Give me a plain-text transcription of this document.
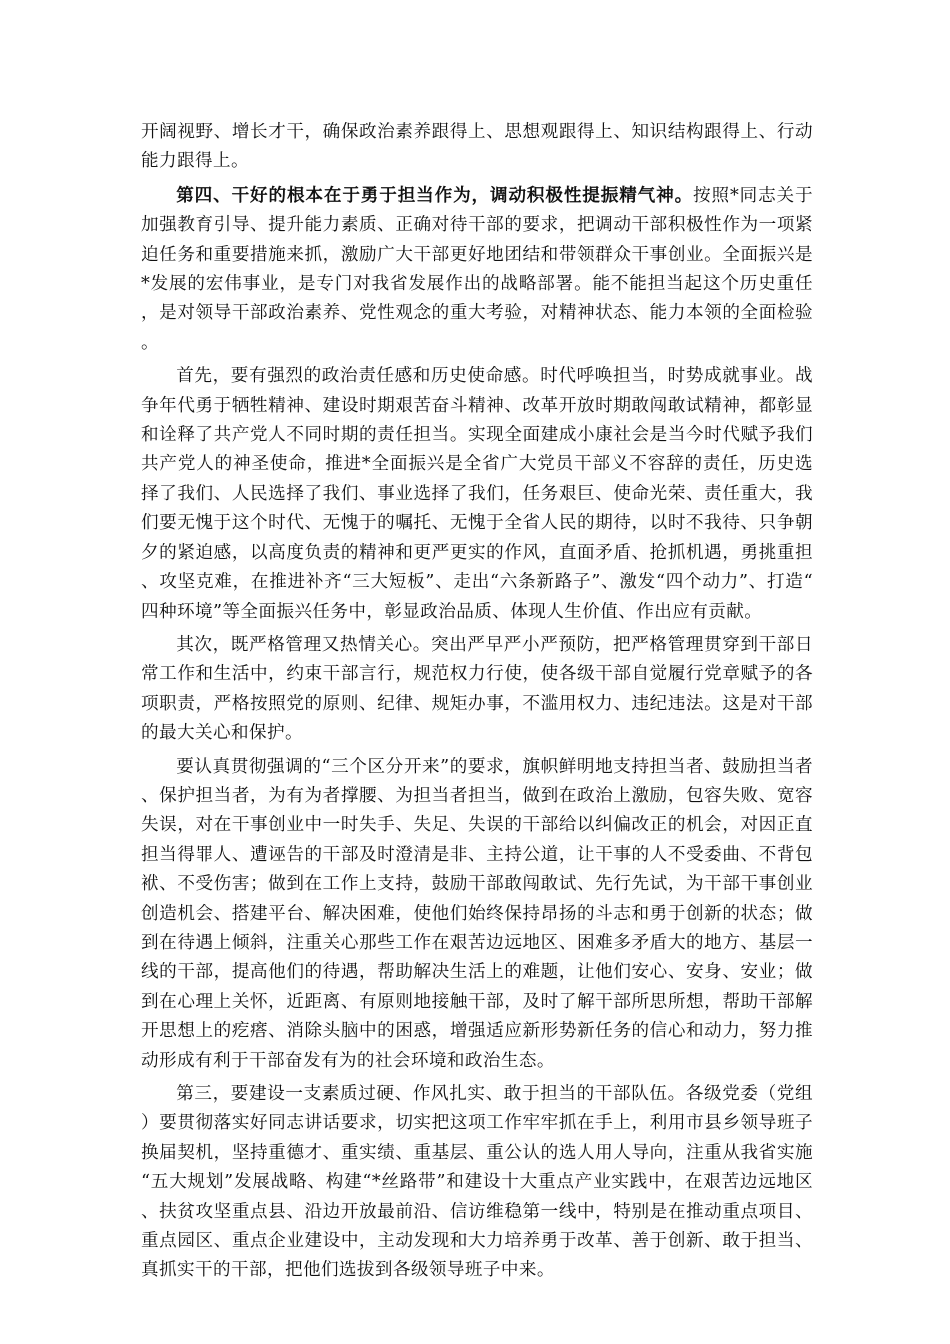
开阔视野、增长才干，确保政治素养跟得上、思想观跟得上、知识结构跟得上、行动能力跟得上。

第四、干好的根本在于勇于担当作为，调动积极性提振精气神。按照*同志关于加强教育引导、提升能力素质、正确对待干部的要求，把调动干部积极性作为一项紧迫任务和重要措施来抓，激励广大干部更好地团结和带领群众干事创业。全面振兴是*发展的宏伟事业，是专门对我省发展作出的战略部署。能不能担当起这个历史重任，是对领导干部政治素养、党性观念的重大考验，对精神状态、能力本领的全面检验。

首先，要有强烈的政治责任感和历史使命感。时代呼唤担当，时势成就事业。战争年代勇于牺牲精神、建设时期艰苦奋斗精神、改革开放时期敢闯敢试精神，都彰显和诠释了共产党人不同时期的责任担当。实现全面建成小康社会是当今时代赋予我们共产党人的神圣使命，推进*全面振兴是全省广大党员干部义不容辞的责任，历史选择了我们、人民选择了我们、事业选择了我们，任务艰巨、使命光荣、责任重大，我们要无愧于这个时代、无愧于的嘱托、无愧于全省人民的期待，以时不我待、只争朝夕的紧迫感，以高度负责的精神和更严更实的作风，直面矛盾、抢抓机遇，勇挑重担、攻坚克难，在推进补齐“三大短板”、走出“六条新路子”、激发“四个动力”、打造“四种环境”等全面振兴任务中，彰显政治品质、体现人生价值、作出应有贡献。

其次，既严格管理又热情关心。突出严早严小严预防，把严格管理贯穿到干部日常工作和生活中，约束干部言行，规范权力行使，使各级干部自觉履行党章赋予的各项职责，严格按照党的原则、纪律、规矩办事，不滥用权力、违纪违法。这是对干部的最大关心和保护。

要认真贯彻强调的“三个区分开来”的要求，旗帜鲜明地支持担当者、鼓励担当者、保护担当者，为有为者撑腰、为担当者担当，做到在政治上激励，包容失败、宽容失误，对在干事创业中一时失手、失足、失误的干部给以纠偏改正的机会，对因正直担当得罪人、遭诬告的干部及时澄清是非、主持公道，让干事的人不受委曲、不背包袱、不受伤害；做到在工作上支持，鼓励干部敢闯敢试、先行先试，为干部干事创业创造机会、搭建平台、解决困难，使他们始终保持昂扬的斗志和勇于创新的状态；做到在待遇上倾斜，注重关心那些工作在艰苦边远地区、困难多矛盾大的地方、基层一线的干部，提高他们的待遇，帮助解决生活上的难题，让他们安心、安身、安业；做到在心理上关怀，近距离、有原则地接触干部，及时了解干部所思所想，帮助干部解开思想上的疙瘩、消除头脑中的困惑，增强适应新形势新任务的信心和动力，努力推动形成有利于干部奋发有为的社会环境和政治生态。

第三，要建设一支素质过硬、作风扎实、敢于担当的干部队伍。各级党委（党组）要贯彻落实好同志讲话要求，切实把这项工作牢牢抓在手上，利用市县乡领导班子换届契机，坚持重德才、重实绩、重基层、重公认的选人用人导向，注重从我省实施“五大规划”发展战略、构建“*丝路带”和建设十大重点产业实践中，在艰苦边远地区、扶贫攻坚重点县、沿边开放最前沿、信访维稳第一线中，特别是在推动重点项目、重点园区、重点企业建设中，主动发现和大力培养勇于改革、善于创新、敢于担当、真抓实干的干部，把他们选拔到各级领导班子中来。
